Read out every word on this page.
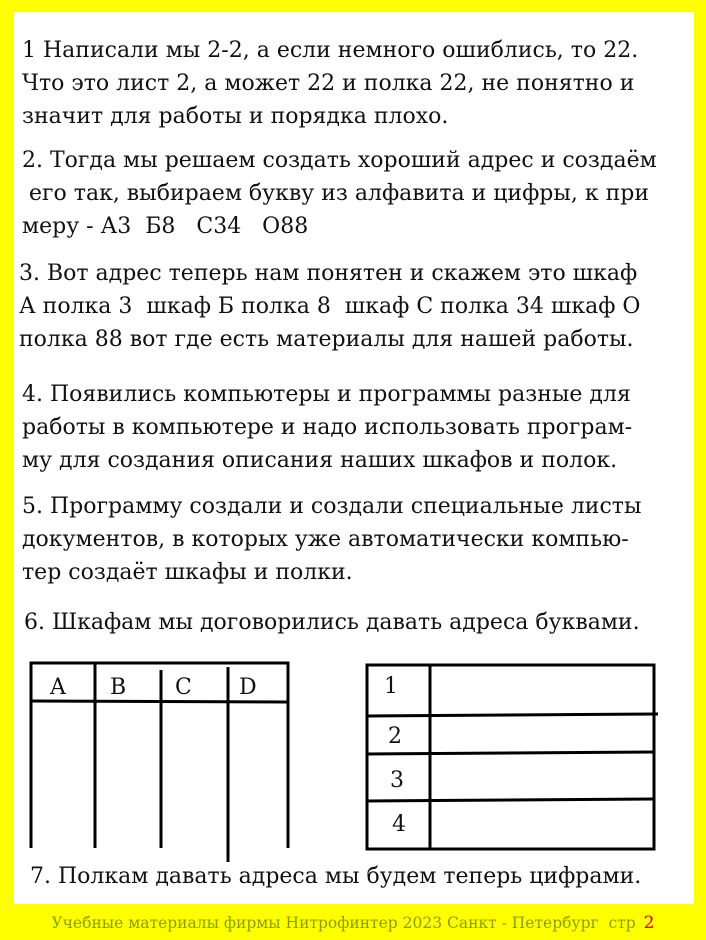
1 Написали мы 2-2, а если немного ошиблись, то 22.
Что это лист 2, а может 22 и полка 22, не понятно и
значит для работы и порядка плохо.

2. Тогда мы решаем создать хороший адрес и создаём
его так, выбираем букву из алфавита и цифры, к при
меру - А3  Б8   С34   О88

3. Вот адрес теперь нам понятен и скажем это шкаф
А полка 3  шкаф Б полка 8  шкаф С полка 34 шкаф О
полка 88 вот где есть материалы для нашей работы.

4. Появились компьютеры и программы разные для
работы в компьютере и надо использовать програм-
му для создания описания наших шкафов и полок.

5. Программу создали и создали специальные листы
документов, в которых уже автоматически компью-
тер создаёт шкафы и полки.

6. Шкафам мы договорились давать адреса буквами.

A B C D	1
2
3
4

7. Полкам давать адреса мы будем теперь цифрами.

Учебные материалы фирмы Нитрофинтер 2023 Санкт - Петербург  стр 2
